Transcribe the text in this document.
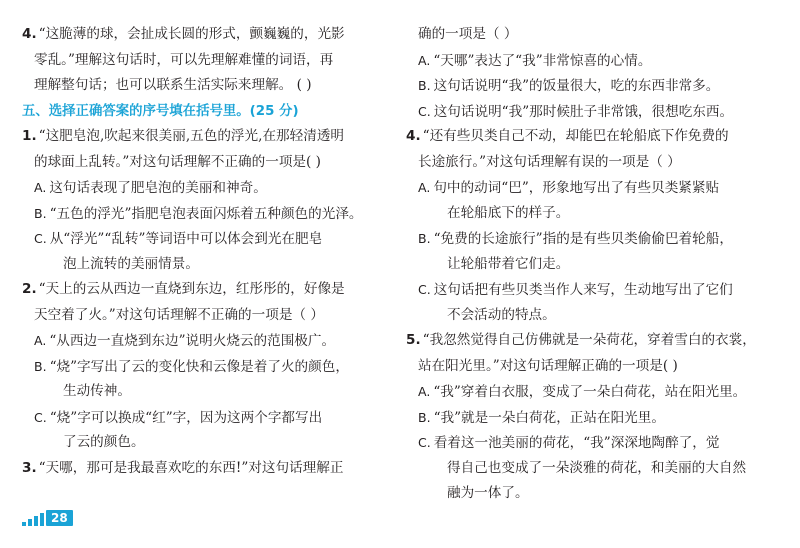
4. “这脆薄的球，会扯成长圆的形式，颤巍巍的，光影
零乱。”理解这句话时，可以先理解难懂的词语，再
理解整句话；也可以联系生活实际来理解。 ( )
五、选择正确答案的序号填在括号里。(25 分)
1. “这肥皂泡,吹起来很美丽,五色的浮光,在那轻清透明
的球面上乱转。”对这句话理解不正确的一项是( )
A. 这句话表现了肥皂泡的美丽和神奇。
B. “五色的浮光”指肥皂泡表面闪烁着五种颜色的光泽。
C. 从“浮光”“乱转”等词语中可以体会到光在肥皂
泡上流转的美丽情景。
2. “天上的云从西边一直烧到东边，红彤彤的，好像是
天空着了火。”对这句话理解不正确的一项是（ ）
A. “从西边一直烧到东边”说明火烧云的范围极广。
B. “烧”字写出了云的变化快和云像是着了火的颜色，
生动传神。
C. “烧”字可以换成“红”字，因为这两个字都写出
了云的颜色。
3. “天哪，那可是我最喜欢吃的东西!”对这句话理解正
确的一项是（ ）
A. “天哪”表达了“我”非常惊喜的心情。
B. 这句话说明“我”的饭量很大，吃的东西非常多。
C. 这句话说明“我”那时候肚子非常饿，很想吃东西。
4. “还有些贝类自己不动，却能巴在轮船底下作免费的
长途旅行。”对这句话理解有误的一项是（ ）
A. 句中的动词“巴”，形象地写出了有些贝类紧紧贴
在轮船底下的样子。
B. “免费的长途旅行”指的是有些贝类偷偷巴着轮船，
让轮船带着它们走。
C. 这句话把有些贝类当作人来写，生动地写出了它们
不会活动的特点。
5. “我忽然觉得自己仿佛就是一朵荷花，穿着雪白的衣裳，
站在阳光里。”对这句话理解正确的一项是( )
A. “我”穿着白衣服，变成了一朵白荷花，站在阳光里。
B. “我”就是一朵白荷花，正站在阳光里。
C. 看着这一池美丽的荷花，“我”深深地陶醉了，觉
得自己也变成了一朵淡雅的荷花，和美丽的大自然
融为一体了。
28
